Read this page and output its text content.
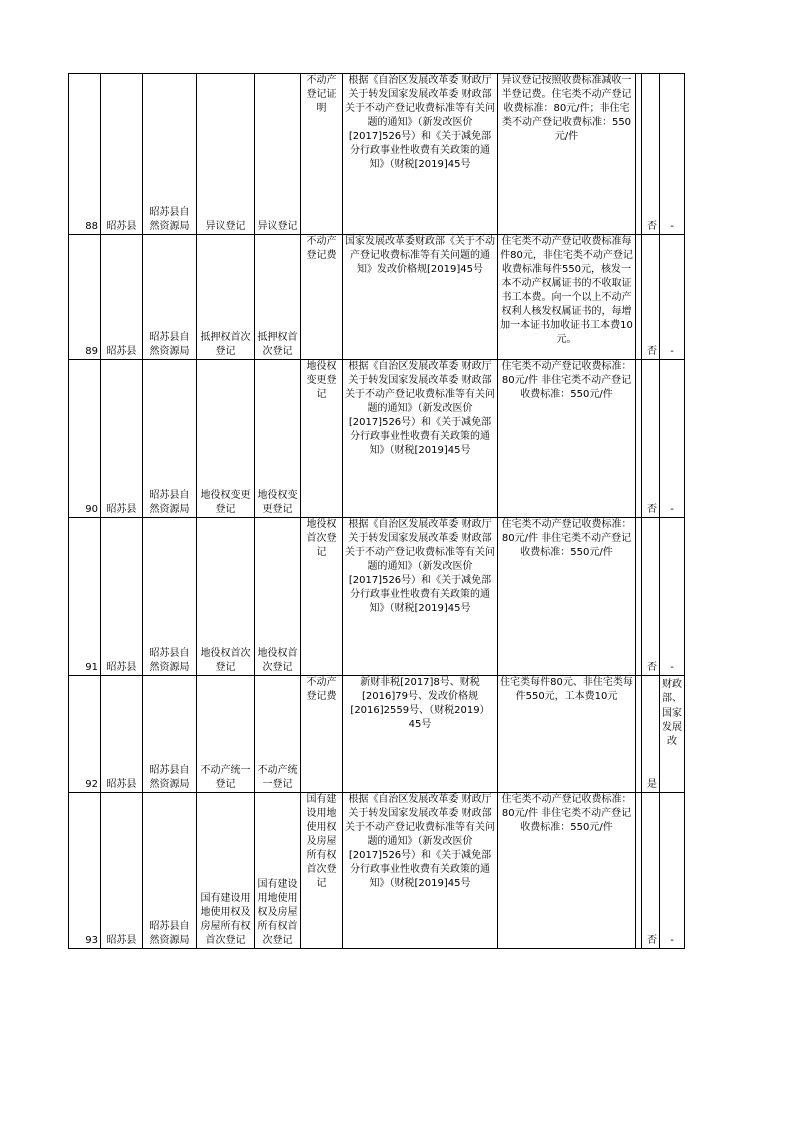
88	昭苏县	昭苏县自然资源局	异议登记	异议登记	不动产登记证明	根据《自治区发展改革委 财政厅关于转发国家发展改革委 财政部关于不动产登记收费标准等有关问题的通知》（新发改医价[2017]526号）和《关于减免部分行政事业性收费有关政策的通知》（财税[2019]45号	异议登记按照收费标准减收一半登记费。住宅类不动产登记收费标准：80元/件；非住宅类不动产登记收费标准：550元/件		否	-
89	昭苏县	昭苏县自然资源局	抵押权首次登记	抵押权首次登记	不动产登记费	国家发展改革委财政部《关于不动产登记收费标准等有关问题的通知》发改价格规[2019]45号	住宅类不动产登记收费标准每件80元，非住宅类不动产登记收费标准每件550元，核发一本不动产权属证书的不收取证书工本费。向一个以上不动产权利人核发权属证书的，每增加一本证书加收证书工本费10元。		否	-
90	昭苏县	昭苏县自然资源局	地役权变更登记	地役权变更登记	地役权变更登记	根据《自治区发展改革委 财政厅关于转发国家发展改革委 财政部关于不动产登记收费标准等有关问题的通知》（新发改医价[2017]526号）和《关于减免部分行政事业性收费有关政策的通知》（财税[2019]45号	住宅类不动产登记收费标准：80元/件 非住宅类不动产登记收费标准：550元/件		否	-
91	昭苏县	昭苏县自然资源局	地役权首次登记	地役权首次登记	地役权首次登记	根据《自治区发展改革委 财政厅关于转发国家发展改革委 财政部关于不动产登记收费标准等有关问题的通知》（新发改医价[2017]526号）和《关于减免部分行政事业性收费有关政策的通知》（财税[2019]45号	住宅类不动产登记收费标准：80元/件 非住宅类不动产登记收费标准：550元/件		否	-
92	昭苏县	昭苏县自然资源局	不动产统一登记	不动产统一登记	不动产登记费	新财非税[2017]8号、财税[2016]79号、发改价格规[2016]2559号、（财税2019）45号	住宅类每件80元、非住宅类每件550元，工本费10元		是	财政部、国家发展改
93	昭苏县	昭苏县自然资源局	国有建设用地使用权及房屋所有权首次登记	国有建设用地使用权及房屋所有权首次登记	国有建设用地使用权及房屋所有权首次登记	根据《自治区发展改革委 财政厅关于转发国家发展改革委 财政部关于不动产登记收费标准等有关问题的通知》（新发改医价[2017]526号）和《关于减免部分行政事业性收费有关政策的通知》（财税[2019]45号	住宅类不动产登记收费标准：80元/件 非住宅类不动产登记收费标准：550元/件		否	-
